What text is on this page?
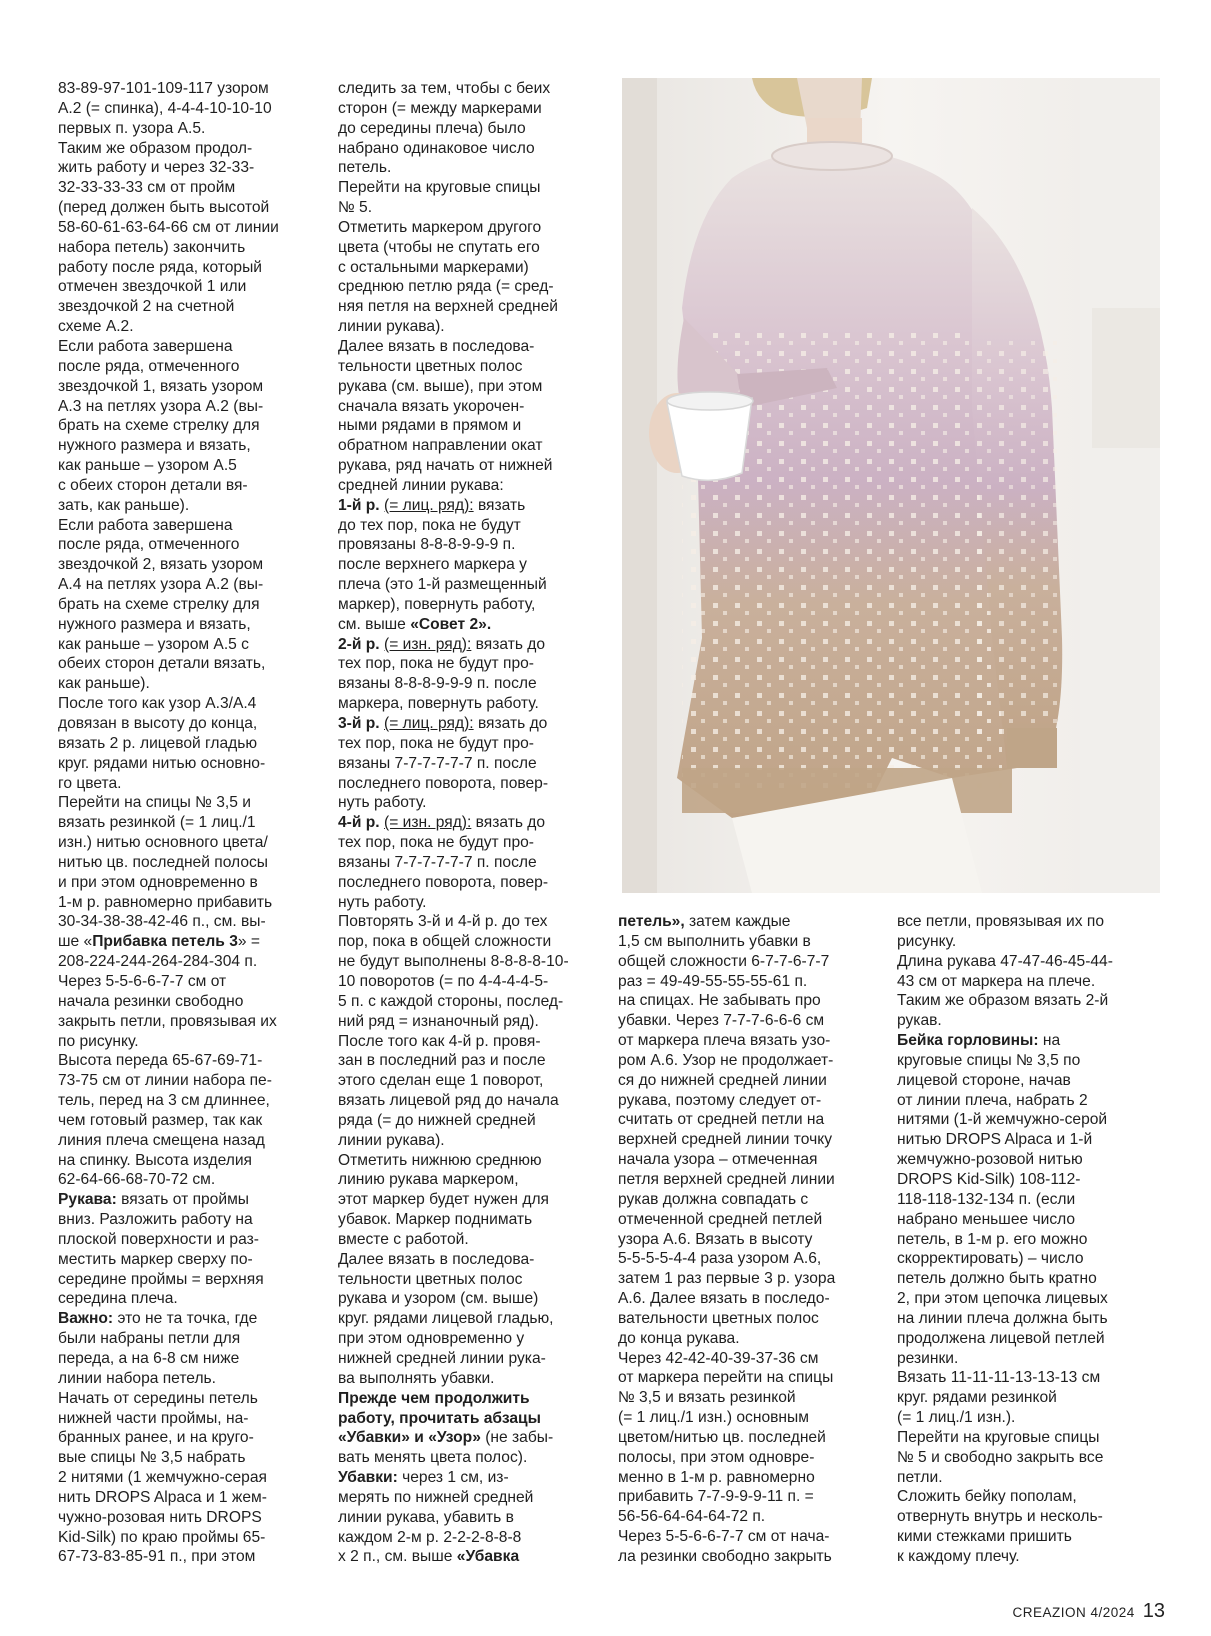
83-89-97-101-109-117 узором

A.2 (= спинка), 4-4-4-10-10-10

первых п. узора A.5.

Таким же образом продол-

жить работу и через 32-33-

32-33-33-33 см от пройм

(перед должен быть высотой

58-60-61-63-64-66 см от линии

набора петель) закончить

работу после ряда, который

отмечен звездочкой 1 или

звездочкой 2 на счетной

схеме A.2.

Если работа завершена

после ряда, отмеченного

звездочкой 1, вязать узором

A.3 на петлях узора A.2 (вы-

брать на схеме стрелку для

нужного размера и вязать,

как раньше – узором A.5

с обеих сторон детали вя-

зать, как раньше).

Если работа завершена

после ряда, отмеченного

звездочкой 2, вязать узором

A.4 на петлях узора A.2 (вы-

брать на схеме стрелку для

нужного размера и вязать,

как раньше – узором A.5 с

обеих сторон детали вязать,

как раньше).

После того как узор A.3/A.4

довязан в высоту до конца,

вязать 2 р. лицевой гладью

круг. рядами нитью основно-

го цвета.

Перейти на спицы № 3,5 и

вязать резинкой (= 1 лиц./1

изн.) нитью основного цвета/

нитью цв. последней полосы

и при этом одновременно в

1-м р. равномерно прибавить

30-34-38-38-42-46 п., см. вы-

ше «Прибавка петель 3» =

208-224-244-264-284-304 п.

Через 5-5-6-6-7-7 см от

начала резинки свободно

закрыть петли, провязывая их

по рисунку.

Высота переда 65-67-69-71-

73-75 см от линии набора пе-

тель, перед на 3 см длиннее,

чем готовый размер, так как

линия плеча смещена назад

на спинку. Высота изделия

62-64-66-68-70-72 см.

Рукава: вязать от проймы

вниз. Разложить работу на

плоской поверхности и раз-

местить маркер сверху по-

середине проймы = верхняя

середина плеча.

Важно: это не та точка, где

были набраны петли для

переда, а на 6-8 см ниже

линии набора петель.

Начать от середины петель

нижней части проймы, на-

бранных ранее, и на круго-

вые спицы № 3,5 набрать

2 нитями (1 жемчужно-серая

нить DROPS Alpaca и 1 жем-

чужно-розовая нить DROPS

Kid-Silk) по краю проймы 65-

67-73-83-85-91 п., при этом

следить за тем, чтобы с беих

сторон (= между маркерами

до середины плеча) было

набрано одинаковое число

петель.

Перейти на круговые спицы

№ 5.

Отметить маркером другого

цвета (чтобы не спутать его

с остальными маркерами)

среднюю петлю ряда (= сред-

няя петля на верхней средней

линии рукава).

Далее вязать в последова-

тельности цветных полос

рукава (см. выше), при этом

сначала вязать укорочен-

ными рядами в прямом и

обратном направлении окат

рукава, ряд начать от нижней

средней линии рукава:

1-й р. (= лиц. ряд): вязать

до тех пор, пока не будут

провязаны 8-8-8-9-9-9 п.

после верхнего маркера у

плеча (это 1-й размещенный

маркер), повернуть работу,

см. выше «Совет 2».

2-й р. (= изн. ряд): вязать до

тех пор, пока не будут про-

вязаны 8-8-8-9-9-9 п. после

маркера, повернуть работу.

3-й р. (= лиц. ряд): вязать до

тех пор, пока не будут про-

вязаны 7-7-7-7-7-7 п. после

последнего поворота, повер-

нуть работу.

4-й р. (= изн. ряд): вязать до

тех пор, пока не будут про-

вязаны 7-7-7-7-7-7 п. после

последнего поворота, повер-

нуть работу.

Повторять 3-й и 4-й р. до тех

пор, пока в общей сложности

не будут выполнены 8-8-8-8-10-

10 поворотов (= по 4-4-4-4-5-

5 п. с каждой стороны, послед-

ний ряд = изнаночный ряд).

После того как 4-й р. провя-

зан в последний раз и после

этого сделан еще 1 поворот,

вязать лицевой ряд до начала

ряда (= до нижней средней

линии рукава).

Отметить нижнюю среднюю

линию рукава маркером,

этот маркер будет нужен для

убавок. Маркер поднимать

вместе с работой.

Далее вязать в последова-

тельности цветных полос

рукава и узором (см. выше)

круг. рядами лицевой гладью,

при этом одновременно у

нижней средней линии рука-

ва выполнять убавки.

Прежде чем продолжить

работу, прочитать абзацы

«Убавки» и «Узор» (не забы-

вать менять цвета полос).

Убавки: через 1 см, из-

мерять по нижней средней

линии рукава, убавить в

каждом 2-м р. 2-2-2-8-8-8

х 2 п., см. выше «Убавка

петель», затем каждые

1,5 см выполнить убавки в

общей сложности 6-7-7-6-7-7

раз = 49-49-55-55-55-61 п.

на спицах. Не забывать про

убавки. Через 7-7-7-6-6-6 см

от маркера плеча вязать узо-

ром A.6. Узор не продолжает-

ся до нижней средней линии

рукава, поэтому следует от-

считать от средней петли на

верхней средней линии точку

начала узора – отмеченная

петля верхней средней линии

рукав должна совпадать с

отмеченной средней петлей

узора A.6. Вязать в высоту

5-5-5-5-4-4 раза узором A.6,

затем 1 раз первые 3 р. узора

A.6. Далее вязать в последо-

вательности цветных полос

до конца рукава.

Через 42-42-40-39-37-36 см

от маркера перейти на спицы

№ 3,5 и вязать резинкой

(= 1 лиц./1 изн.) основным

цветом/нитью цв. последней

полосы, при этом одновре-

менно в 1-м р. равномерно

прибавить 7-7-9-9-9-11 п. =

56-56-64-64-64-72 п.

Через 5-5-6-6-7-7 см от нача-

ла резинки свободно закрыть

все петли, провязывая их по

рисунку.

Длина рукава 47-47-46-45-44-

43 см от маркера на плече.

Таким же образом вязать 2-й

рукав.

Бейка горловины: на

круговые спицы № 3,5 по

лицевой стороне, начав

от линии плеча, набрать 2

нитями (1-й жемчужно-серой

нитью DROPS Alpaca и 1-й

жемчужно-розовой нитью

DROPS Kid-Silk) 108-112-

118-118-132-134 п. (если

набрано меньшее число

петель, в 1-м р. его можно

скорректировать) – число

петель должно быть кратно

2, при этом цепочка лицевых

на линии плеча должна быть

продолжена лицевой петлей

резинки.

Вязать 11-11-11-13-13-13 см

круг. рядами резинкой

(= 1 лиц./1 изн.).

Перейти на круговые спицы

№ 5 и свободно закрыть все

петли.

Сложить бейку пополам,

отвернуть внутрь и несколь-

кими стежками пришить

к каждому плечу.

CREAZION 4/2024 13
